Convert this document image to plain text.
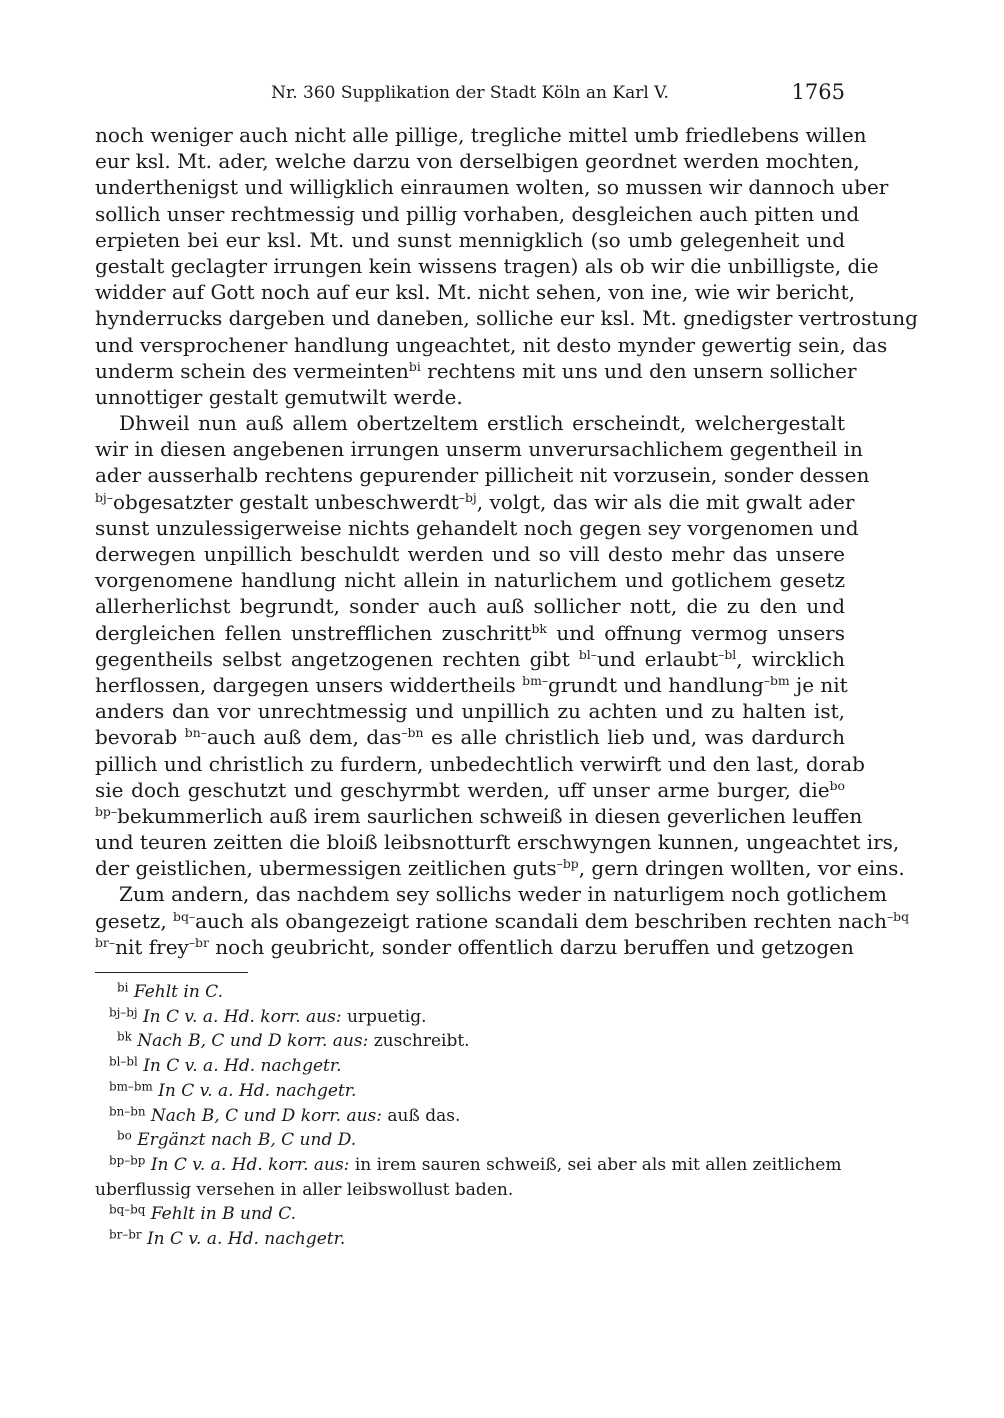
Nr. 360 Supplikation der Stadt Köln an Karl V.	1765
noch weniger auch nicht alle pillige, tregliche mittel umb friedlebens willen
eur ksl. Mt. ader, welche darzu von derselbigen geordnet werden mochten,
underthenigst und willigklich einraumen wolten, so mussen wir dannoch uber
sollich unser rechtmessig und pillig vorhaben, desgleichen auch pitten und
erpieten bei eur ksl. Mt. und sunst mennigklich (so umb gelegenheit und
gestalt geclagter irrungen kein wissens tragen) als ob wir die unbilligste, die
widder auf Gott noch auf eur ksl. Mt. nicht sehen, von ine, wie wir bericht,
hynderrucks dargeben und daneben, solliche eur ksl. Mt. gnedigster vertrostung
und versprochener handlung ungeachtet, nit desto mynder gewertig sein, das
underm schein des vermeinten$^{bi}$ rechtens mit uns und den unsern sollicher
unnottiger gestalt gemutwilt werde.
Dhweil nun auß allem obertzeltem erstlich erscheindt, welchergestalt
wir in diesen angebenen irrungen unserm unverursachlichem gegentheil in
ader ausserhalb rechtens gepurender pillicheit nit vorzusein, sonder dessen
$^{bj-}$obgesatzter gestalt unbeschwerdt$^{-bj}$, volgt, das wir als die mit gwalt ader
sunst unzulessigerweise nichts gehandelt noch gegen sey vorgenomen und
derwegen unpillich beschuldt werden und so vill desto mehr das unsere
vorgenomene handlung nicht allein in naturlichem und gotlichem gesetz
allerherlichst begrundt, sonder auch auß sollicher nott, die zu den und
dergleichen fellen unstrefflichen zuschritt$^{bk}$ und offnung vermog unsers
gegentheils selbst angetzogenen rechten gibt $^{bl-}$und erlaubt$^{-bl}$, wircklich
herflossen, dargegen unsers widdertheils $^{bm-}$grundt und handlung$^{-bm}$ je nit
anders dan vor unrechtmessig und unpillich zu achten und zu halten ist,
bevorab $^{bn-}$auch auß dem, das$^{-bn}$ es alle christlich lieb und, was dardurch
pillich und christlich zu furdern, unbedechtlich verwirft und den last, dorab
sie doch geschutzt und geschyrmbt werden, uff unser arme burger, die$^{bo}$
$^{bp-}$bekummerlich auß irem saurlichen schweiß in diesen geverlichen leuffen
und teuren zeitten die bloiß leibsnotturft erschwyngen kunnen, ungeachtet irs,
der geistlichen, ubermessigen zeitlichen guts$^{-bp}$, gern dringen wollten, vor eins.
Zum andern, das nachdem sey sollichs weder in naturligem noch gotlichem
gesetz, $^{bq-}$auch als obangezeigt ratione scandali dem beschriben rechten nach$^{-bq}$
$^{br-}$nit frey$^{-br}$ noch geubricht, sonder offentlich darzu beruffen und getzogen
$^{bi}$ Fehlt in C.
$^{bj-bj}$ In C v. a. Hd. korr. aus: urpuetig.
$^{bk}$ Nach B, C und D korr. aus: zuschreibt.
$^{bl-bl}$ In C v. a. Hd. nachgetr.
$^{bm-bm}$ In C v. a. Hd. nachgetr.
$^{bn-bn}$ Nach B, C und D korr. aus: auß das.
$^{bo}$ Ergänzt nach B, C und D.
$^{bp-bp}$ In C v. a. Hd. korr. aus: in irem sauren schweiß, sei aber als mit allen zeitlichem
uberflussig versehen in aller leibswollust baden.
$^{bq-bq}$ Fehlt in B und C.
$^{br-br}$ In C v. a. Hd. nachgetr.
